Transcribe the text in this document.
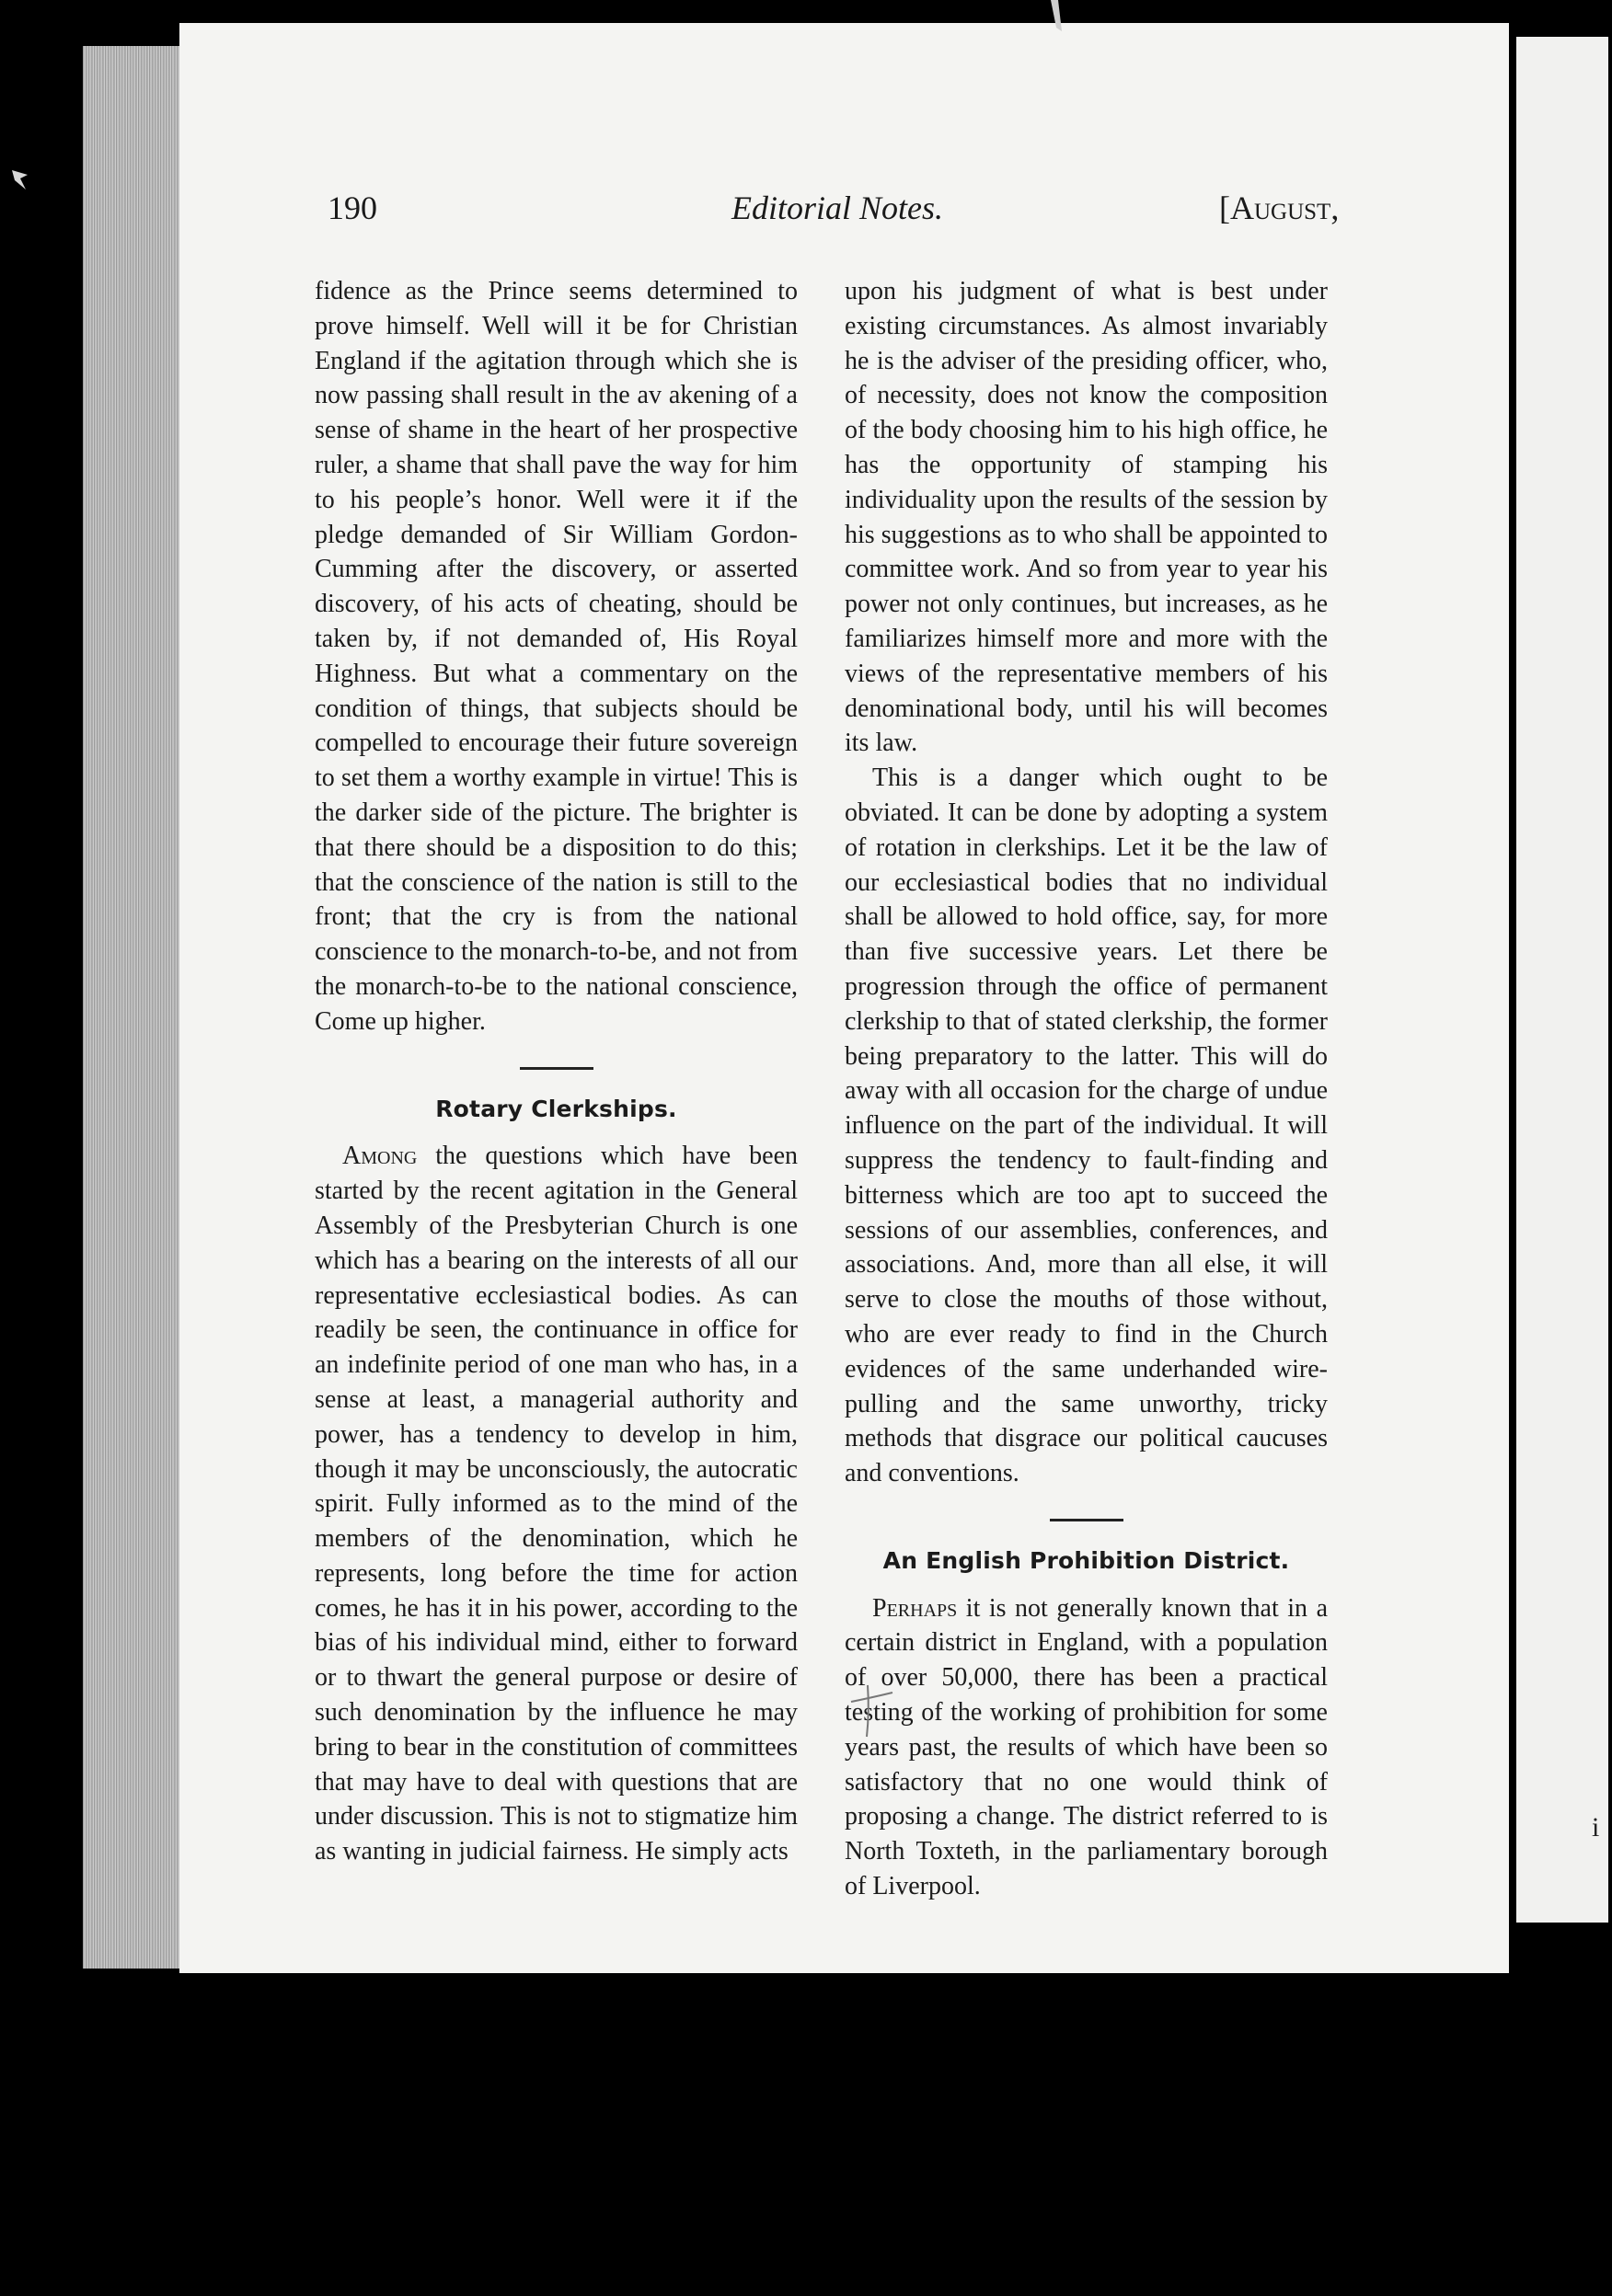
i
190	Editorial Notes.	[August,

fidence as the Prince seems determined to prove himself. Well will it be for Christian England if the agitation through which she is now passing shall result in the av akening of a sense of shame in the heart of her prospective ruler, a shame that shall pave the way for him to his people’s honor. Well were it if the pledge demanded of Sir William Gordon-Cumming after the discovery, or asserted discovery, of his acts of cheating, should be taken by, if not demanded of, His Royal Highness. But what a commentary on the condition of things, that subjects should be compelled to encourage their future sovereign to set them a worthy example in virtue! This is the darker side of the picture. The brighter is that there should be a disposition to do this; that the conscience of the nation is still to the front; that the cry is from the national conscience to the monarch-to-be, and not from the monarch-to-be to the national conscience, Come up higher.

Rotary Clerkships.

Among the questions which have been started by the recent agitation in the General Assembly of the Presbyterian Church is one which has a bearing on the interests of all our representative ecclesiastical bodies. As can readily be seen, the continuance in office for an indefinite period of one man who has, in a sense at least, a managerial authority and power, has a tendency to develop in him, though it may be unconsciously, the autocratic spirit. Fully informed as to the mind of the members of the denomination, which he represents, long before the time for action comes, he has it in his power, according to the bias of his individual mind, either to forward or to thwart the general purpose or desire of such denomination by the influence he may bring to bear in the constitution of committees that may have to deal with questions that are under discussion. This is not to stigmatize him as wanting in judicial fairness. He simply acts

upon his judgment of what is best under existing circumstances. As almost invariably he is the adviser of the presiding officer, who, of necessity, does not know the composition of the body choosing him to his high office, he has the opportunity of stamping his individuality upon the results of the session by his suggestions as to who shall be appointed to committee work. And so from year to year his power not only continues, but increases, as he familiarizes himself more and more with the views of the representative members of his denominational body, until his will becomes its law.

This is a danger which ought to be obviated. It can be done by adopting a system of rotation in clerkships. Let it be the law of our ecclesiastical bodies that no individual shall be allowed to hold office, say, for more than five successive years. Let there be progression through the office of permanent clerkship to that of stated clerkship, the former being preparatory to the latter. This will do away with all occasion for the charge of undue influence on the part of the individual. It will suppress the tendency to fault-finding and bitterness which are too apt to succeed the sessions of our assemblies, conferences, and associations. And, more than all else, it will serve to close the mouths of those without, who are ever ready to find in the Church evidences of the same underhanded wire-pulling and the same unworthy, tricky methods that disgrace our political caucuses and conventions.

An English Prohibition District.

Perhaps it is not generally known that in a certain district in England, with a population of over 50,000, there has been a practical testing of the working of prohibition for some years past, the results of which have been so satisfactory that no one would think of proposing a change. The district referred to is North Toxteth, in the parliamentary borough of Liverpool.
